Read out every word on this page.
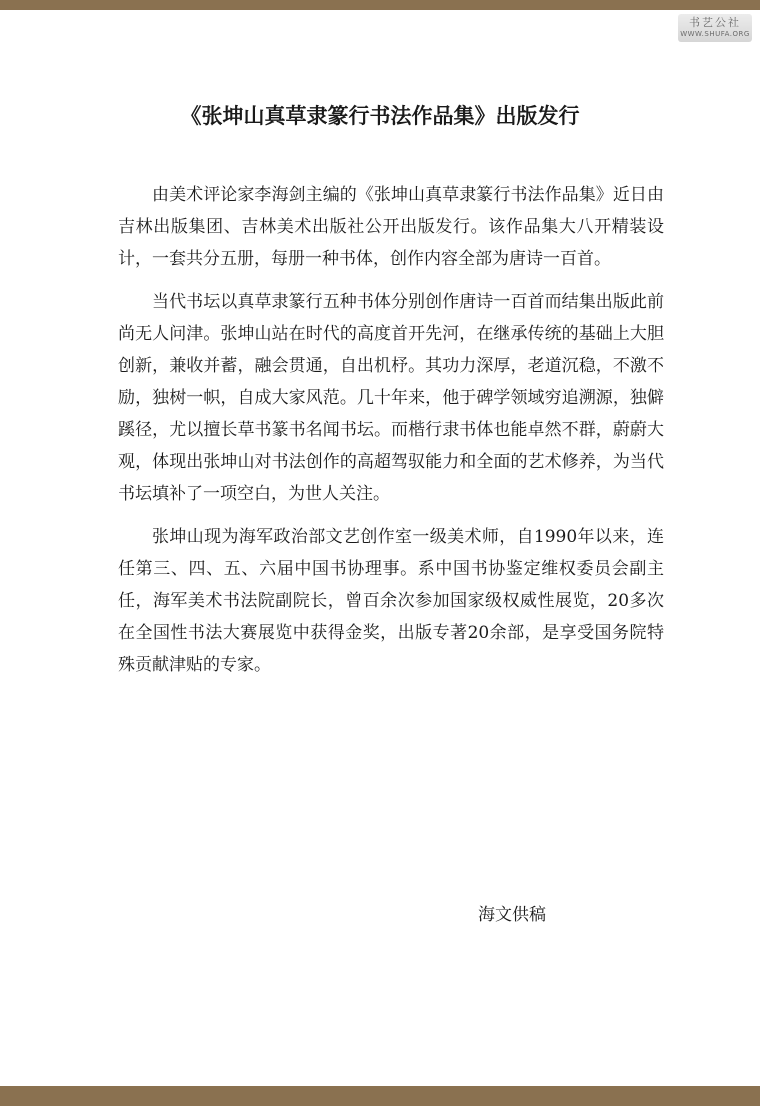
书艺公社
WWW.SHUFA.ORG
《张坤山真草隶篆行书法作品集》出版发行

由美术评论家李海剑主编的《张坤山真草隶篆行书法作品集》近日由吉林出版集团、吉林美术出版社公开出版发行。该作品集大八开精装设计，一套共分五册，每册一种书体，创作内容全部为唐诗一百首。

当代书坛以真草隶篆行五种书体分别创作唐诗一百首而结集出版此前尚无人问津。张坤山站在时代的高度首开先河，在继承传统的基础上大胆创新，兼收并蓄，融会贯通，自出机杼。其功力深厚，老道沉稳，不激不励，独树一帜，自成大家风范。几十年来，他于碑学领域穷追溯源，独僻蹊径，尤以擅长草书篆书名闻书坛。而楷行隶书体也能卓然不群，蔚蔚大观，体现出张坤山对书法创作的高超驾驭能力和全面的艺术修养，为当代书坛填补了一项空白，为世人关注。

张坤山现为海军政治部文艺创作室一级美术师，自1990年以来，连任第三、四、五、六届中国书协理事。系中国书协鉴定维权委员会副主任，海军美术书法院副院长，曾百余次参加国家级权威性展览，20多次在全国性书法大赛展览中获得金奖，出版专著20余部，是享受国务院特殊贡献津贴的专家。

海文供稿
